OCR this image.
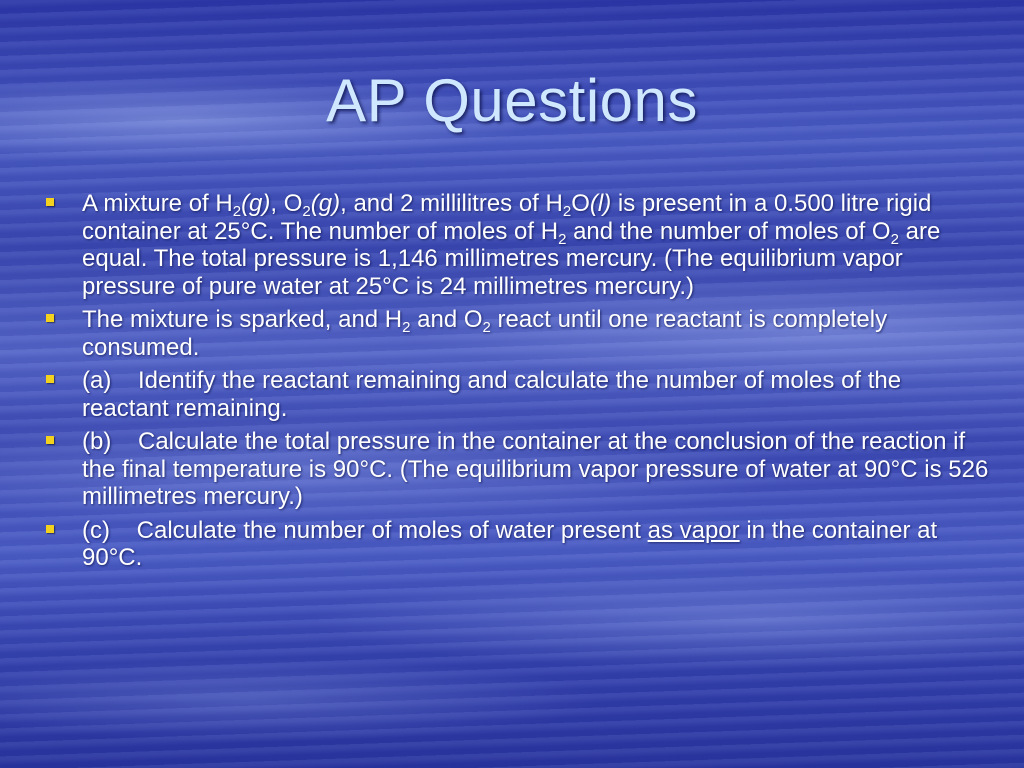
AP Questions
A mixture of $H_2(g)$, $O_2(g)$, and 2 millilitres of $H_2O(l)$ is present in a 0.500 litre rigid container at 25°C. The number of moles of $H_2$ and the number of moles of $O_2$ are equal. The total pressure is 1,146 millimetres mercury. (The equilibrium vapor pressure of pure water at 25°C is 24 millimetres mercury.)
The mixture is sparked, and $H_2$ and $O_2$ react until one reactant is completely consumed.
(a)    Identify the reactant remaining and calculate the number of moles of the reactant remaining.
(b)    Calculate the total pressure in the container at the conclusion of the reaction if the final temperature is 90°C. (The equilibrium vapor pressure of water at 90°C is 526 millimetres mercury.)
(c)    Calculate the number of moles of water present as vapor in the container at 90°C.
